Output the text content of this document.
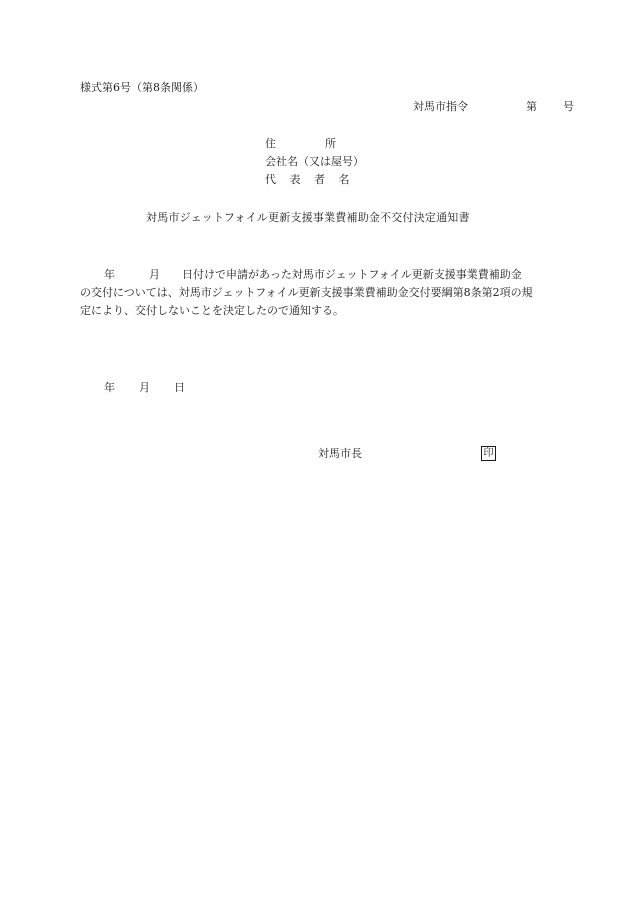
様式第6号（第8条関係）
対馬市指令	第 号
住	所
会社名（又は屋号）
代 表 者 名
対馬市ジェットフォイル更新支援事業費補助金不交付決定通知書
年	月 日付けで申請があった対馬市ジェットフォイル更新支援事業費補助金
の交付については、対馬市ジェットフォイル更新支援事業費補助金交付要綱第8条第2項の規
定により、交付しないことを決定したので通知する。
年 月 日
対馬市長	印
